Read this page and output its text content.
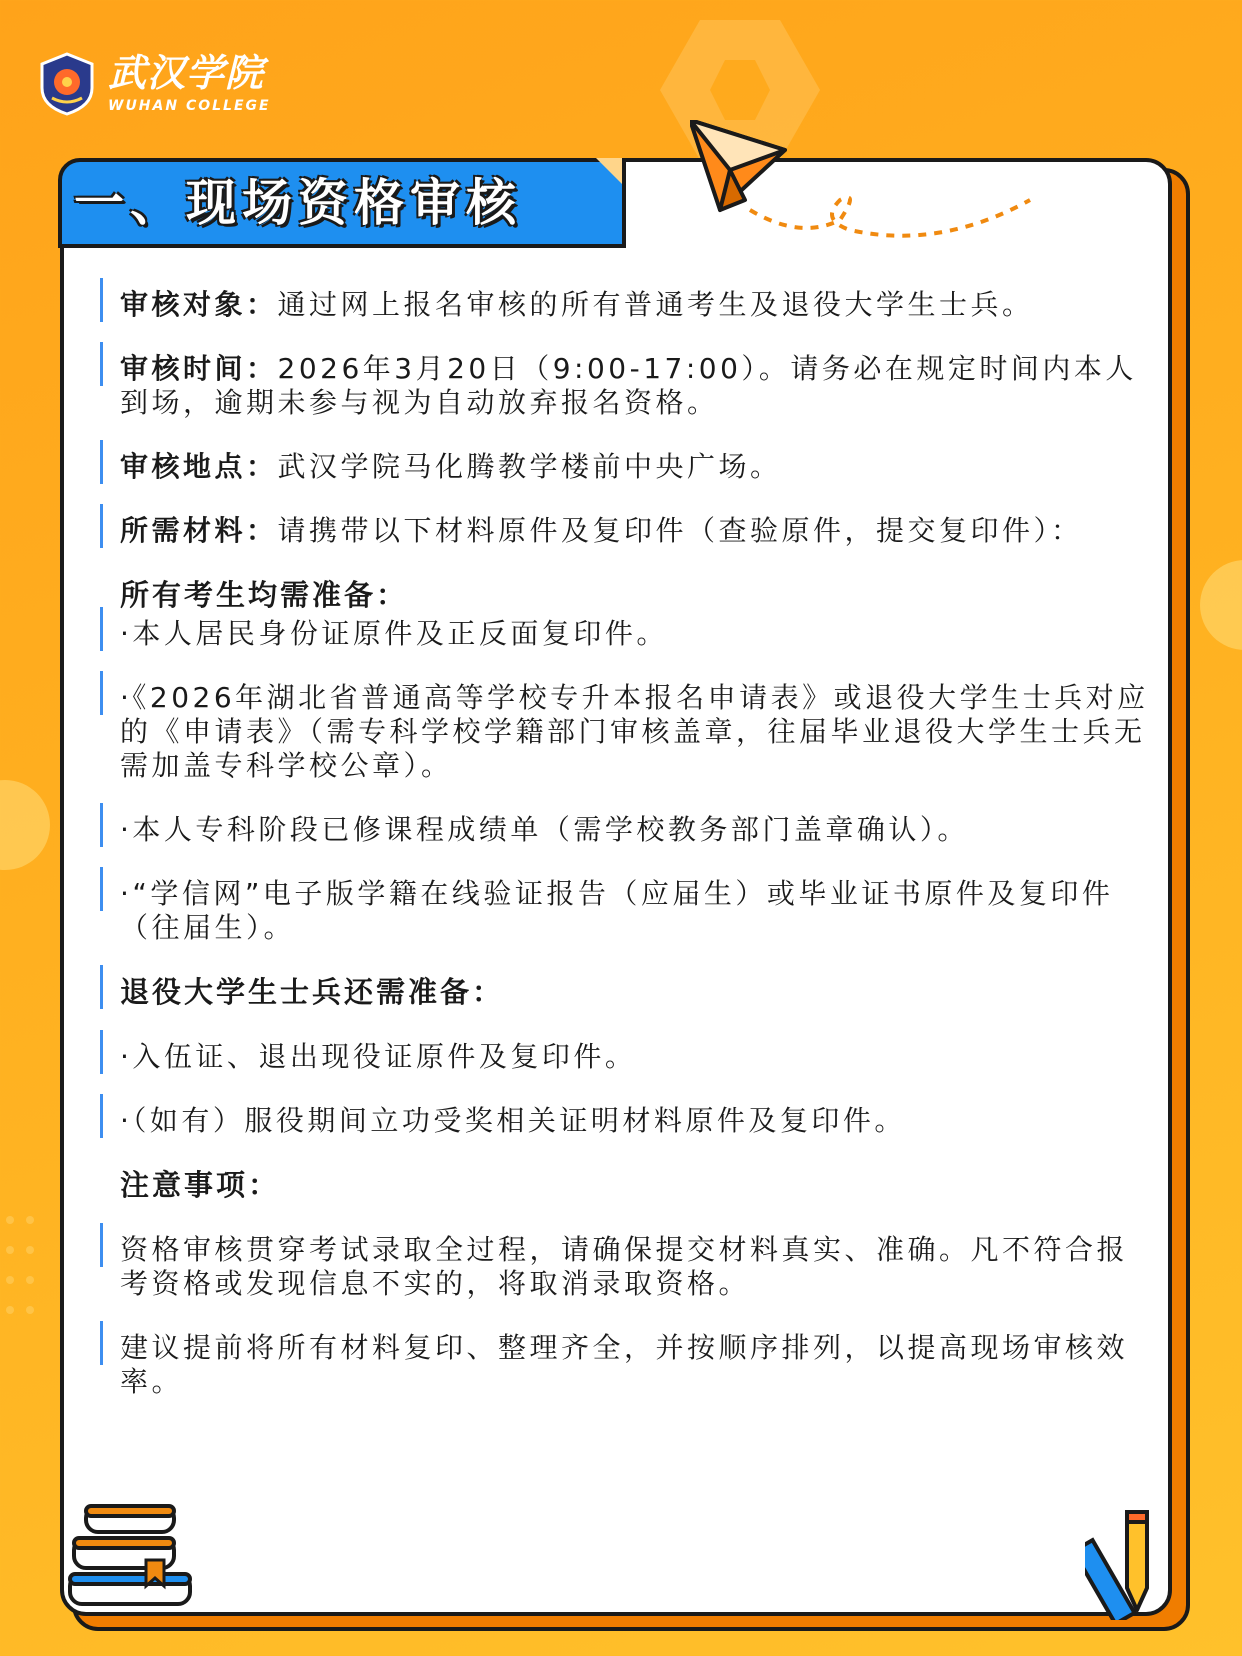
武汉学院
WUHAN COLLEGE
一、现场资格审核
审核对象：通过网上报名审核的所有普通考生及退役大学生士兵。
审核时间：2026年3月20日（9:00-17:00）。请务必在规定时间内本人到场，逾期未参与视为自动放弃报名资格。
审核地点：武汉学院马化腾教学楼前中央广场。
所需材料：请携带以下材料原件及复印件（查验原件，提交复印件）：
所有考生均需准备：
·本人居民身份证原件及正反面复印件。
·《2026年湖北省普通高等学校专升本报名申请表》或退役大学生士兵对应的《申请表》（需专科学校学籍部门审核盖章，往届毕业退役大学生士兵无需加盖专科学校公章）。
·本人专科阶段已修课程成绩单（需学校教务部门盖章确认）。
·“学信网”电子版学籍在线验证报告（应届生）或毕业证书原件及复印件（往届生）。
退役大学生士兵还需准备：
·入伍证、退出现役证原件及复印件。
·（如有）服役期间立功受奖相关证明材料原件及复印件。
注意事项：
资格审核贯穿考试录取全过程，请确保提交材料真实、准确。凡不符合报考资格或发现信息不实的，将取消录取资格。
建议提前将所有材料复印、整理齐全，并按顺序排列，以提高现场审核效率。
